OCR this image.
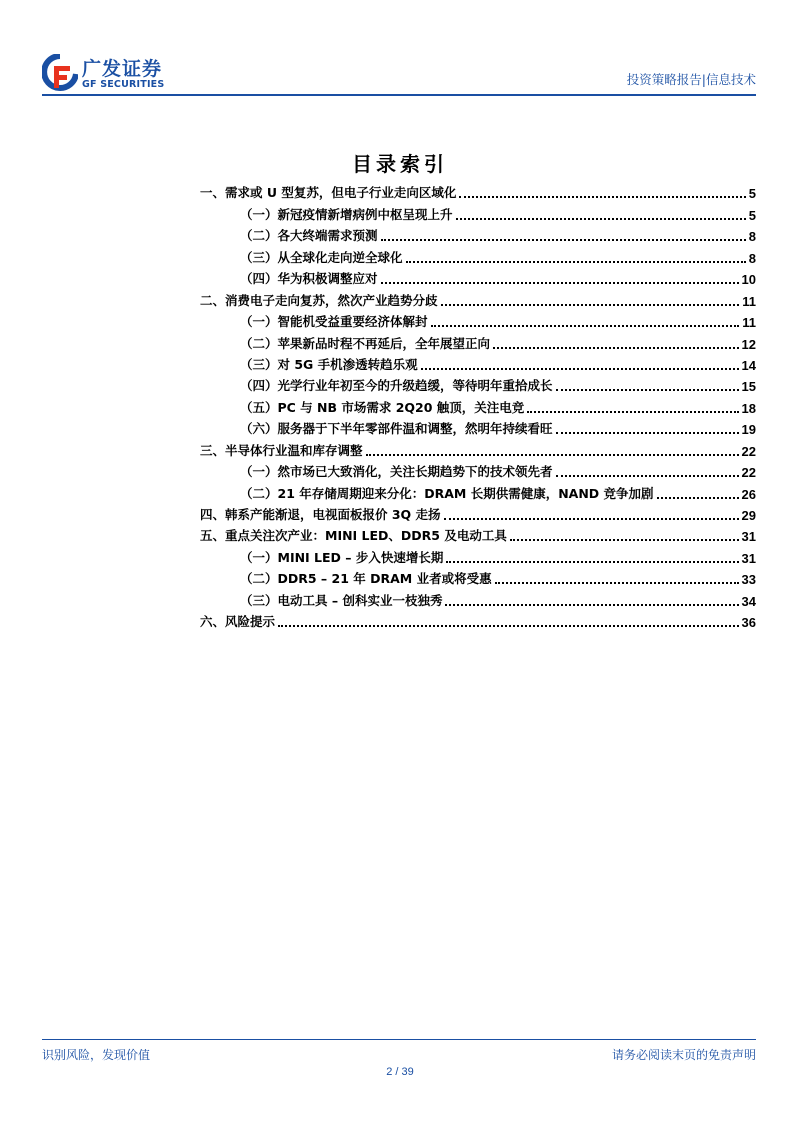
广发证券
GF SECURITIES	投资策略报告|信息技术
目录索引
一、需求或 U 型复苏，但电子行业走向区域化	5
（一）新冠疫情新增病例中枢呈现上升	5
（二）各大终端需求预测	8
（三）从全球化走向逆全球化	8
（四）华为积极调整应对	10
二、消费电子走向复苏，然次产业趋势分歧	11
（一）智能机受益重要经济体解封	11
（二）苹果新品时程不再延后，全年展望正向	12
（三）对 5G 手机渗透转趋乐观	14
（四）光学行业年初至今的升级趋缓，等待明年重拾成长	15
（五）PC 与 NB 市场需求 2Q20 触顶，关注电竞	18
（六）服务器于下半年零部件温和调整，然明年持续看旺	19
三、半导体行业温和库存调整	22
（一）然市场已大致消化，关注长期趋势下的技术领先者	22
（二）21 年存储周期迎来分化：DRAM 长期供需健康，NAND 竞争加剧	26
四、韩系产能渐退，电视面板报价 3Q 走扬	29
五、重点关注次产业：MINI LED、DDR5 及电动工具	31
（一）MINI LED – 步入快速增长期	31
（二）DDR5 – 21 年 DRAM 业者或将受惠	33
（三）电动工具 – 创科实业一枝独秀	34
六、风险提示	36
识别风险，发现价值	请务必阅读末页的免责声明
2 / 39
